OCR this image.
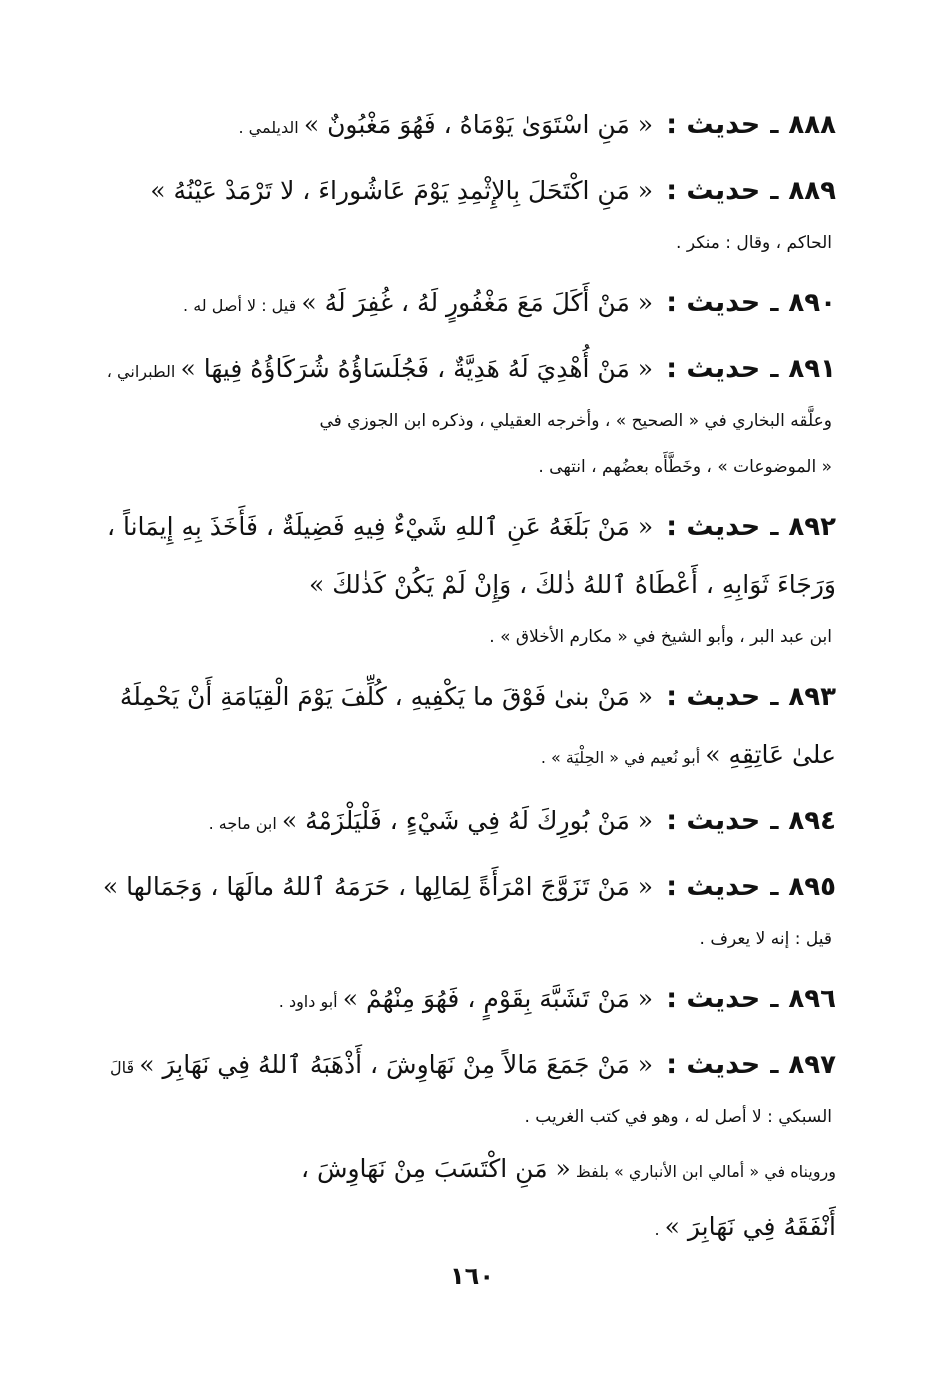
٨٨٨ـحديث : « مَنِ اسْتَوَىٰ يَوْمَاهُ ، فَهُوَ مَغْبُونٌ » الديلمي .
٨٨٩ـحديث : « مَنِ اكْتَحَلَ بِالإِثْمِدِ يَوْمَ عَاشُوراءَ ، لا تَرْمَدْ عَيْنُهُ »
الحاكم ، وقال : منكر .
٨٩٠ـحديث : « مَنْ أَكَلَ مَعَ مَغْفُورٍ لَهُ ، غُفِرَ لَهُ » قيل : لا أصل له .
٨٩١ـحديث : « مَنْ أُهْدِيَ لَهُ هَدِيَّةٌ ، فَجُلَسَاؤُهُ شُرَكَاؤُهُ فِيهَا » الطبراني ،
وعلَّقه البخاري في « الصحيح » ، وأخرجه العقيلي ، وذكره ابن الجوزي في
« الموضوعات » ، وخَطَّأَه بعضُهم ، انتهى .
٨٩٢ـحديث : « مَنْ بَلَغَهُ عَنِ ٱللهِ شَيْءٌ فِيهِ فَضِيلَةٌ ، فَأَخَذَ بِهِ إِيمَاناً ،
وَرَجَاءَ ثَوَابِهِ ، أَعْطَاهُ ٱللهُ ذٰلكَ ، وَإِنْ لَمْ يَكُنْ كَذٰلكَ »
ابن عبد البر ، وأبو الشيخ في « مكارم الأخلاق » .
٨٩٣ـحديث : « مَنْ بنىٰ فَوْقَ ما يَكْفِيهِ ، كُلِّفَ يَوْمَ الْقِيَامَةِ أَنْ يَحْمِلَهُ
علىٰ عَاتِقِهِ » أبو نُعيم في « الحِلْيَة » .
٨٩٤ـحديث : « مَنْ بُورِكَ لَهُ فِي شَيْءٍ ، فَلْيَلْزَمْهُ » ابن ماجه .
٨٩٥ـحديث : « مَنْ تَزَوَّجَ امْرَأَةً لِمَالِها ، حَرَمَهُ ٱللهُ مالَهَا ، وَجَمَالها »
قيل : إنه لا يعرف .
٨٩٦ـحديث : « مَنْ تَشَبَّهَ بِقَوْمٍ ، فَهُوَ مِنْهُمْ » أبو داود .
٨٩٧ـحديث : « مَنْ جَمَعَ مَالاً مِنْ نَهَاوِشَ ، أَذْهَبَهُ ٱللهُ فِي نَهَابِرَ » قَالَ
السبكي : لا أصل له ، وهو في كتب الغريب .
ورويناه في « أمالي ابن الأنباري » بلفظ « مَنِ اكْتَسَبَ مِنْ نَهَاوِشَ ،
أَنْفَقَهُ فِي نَهَابِرَ » .
١٦٠
